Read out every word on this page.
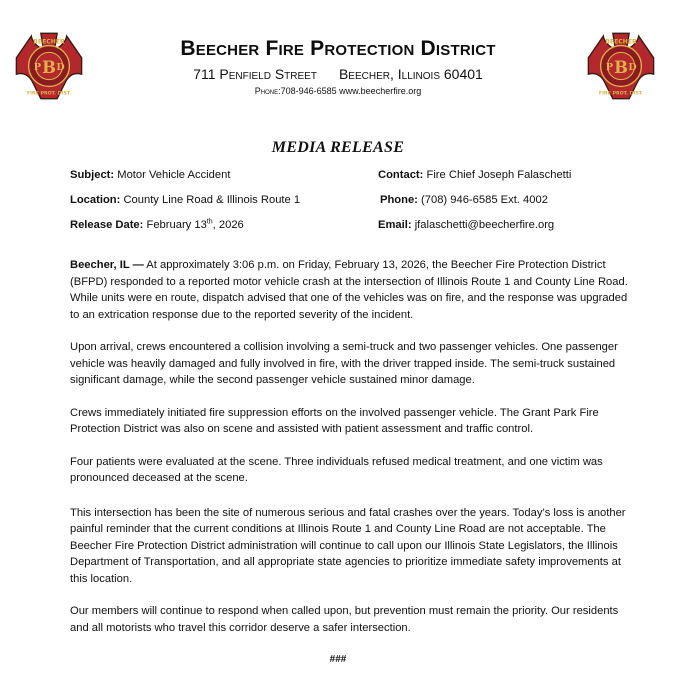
BEECHER
FIRE PROT. DIST.
P B D
Beecher Fire Protection District
711 Penfield Street Beecher, Illinois 60401
Phone:708-946-6585 www.beecherfire.org
BEECHER
FIRE PROT. DIST.
P B D
MEDIA RELEASE
Subject: Motor Vehicle Accident	Contact: Fire Chief Joseph Falaschetti
Location: County Line Road & Illinois Route 1	Phone: (708) 946-6585 Ext. 4002
Release Date: February 13th, 2026	Email: jfalaschetti@beecherfire.org

Beecher, IL — At approximately 3:06 p.m. on Friday, February 13, 2026, the Beecher Fire Protection District (BFPD) responded to a reported motor vehicle crash at the intersection of Illinois Route 1 and County Line Road. While units were en route, dispatch advised that one of the vehicles was on fire, and the response was upgraded to an extrication response due to the reported severity of the incident.

Upon arrival, crews encountered a collision involving a semi-truck and two passenger vehicles. One passenger vehicle was heavily damaged and fully involved in fire, with the driver trapped inside. The semi-truck sustained significant damage, while the second passenger vehicle sustained minor damage.

Crews immediately initiated fire suppression efforts on the involved passenger vehicle. The Grant Park Fire Protection District was also on scene and assisted with patient assessment and traffic control.

Four patients were evaluated at the scene. Three individuals refused medical treatment, and one victim was pronounced deceased at the scene.

This intersection has been the site of numerous serious and fatal crashes over the years. Today’s loss is another painful reminder that the current conditions at Illinois Route 1 and County Line Road are not acceptable. The Beecher Fire Protection District administration will continue to call upon our Illinois State Legislators, the Illinois Department of Transportation, and all appropriate state agencies to prioritize immediate safety improvements at this location.

Our members will continue to respond when called upon, but prevention must remain the priority. Our residents and all motorists who travel this corridor deserve a safer intersection.

###
